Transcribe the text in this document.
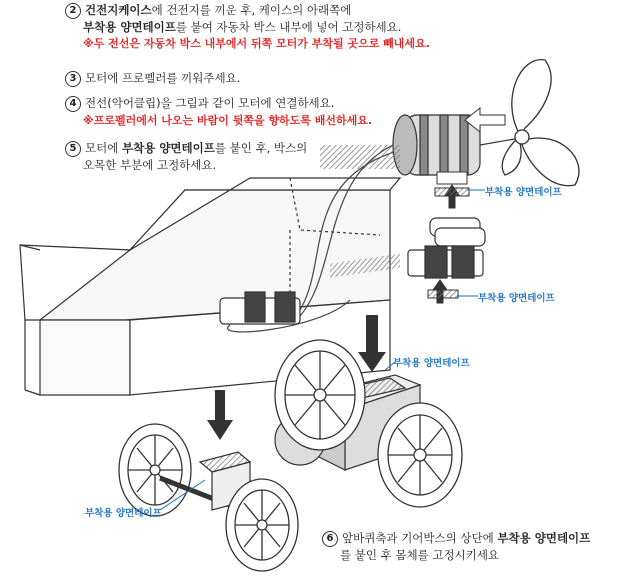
2 건전지케이스에 건전지를 끼운 후, 케이스의 아래쪽에
부착용 양면테이프를 붙여 자동차 박스 내부에 넣어 고정하세요.
※두 전선은 자동차 박스 내부에서 뒤쪽 모터가 부착될 곳으로 빼내세요.
3 모터에 프로펠러를 끼워주세요.
4 전선(악어클립)을 그림과 같이 모터에 연결하세요.
※프로펠러에서 나오는 바람이 뒷쪽을 향하도록 배선하세요.
5 모터에 부착용 양면테이프를 붙인 후, 박스의
오목한 부분에 고정하세요.
6 앞바퀴축과 기어박스의 상단에 부착용 양면테이프
를 붙인 후 몸체를 고정시키세요
부착용 양면테이프
부착용 양면테이프
부착용 양면테이프
부착용 양면테이프
